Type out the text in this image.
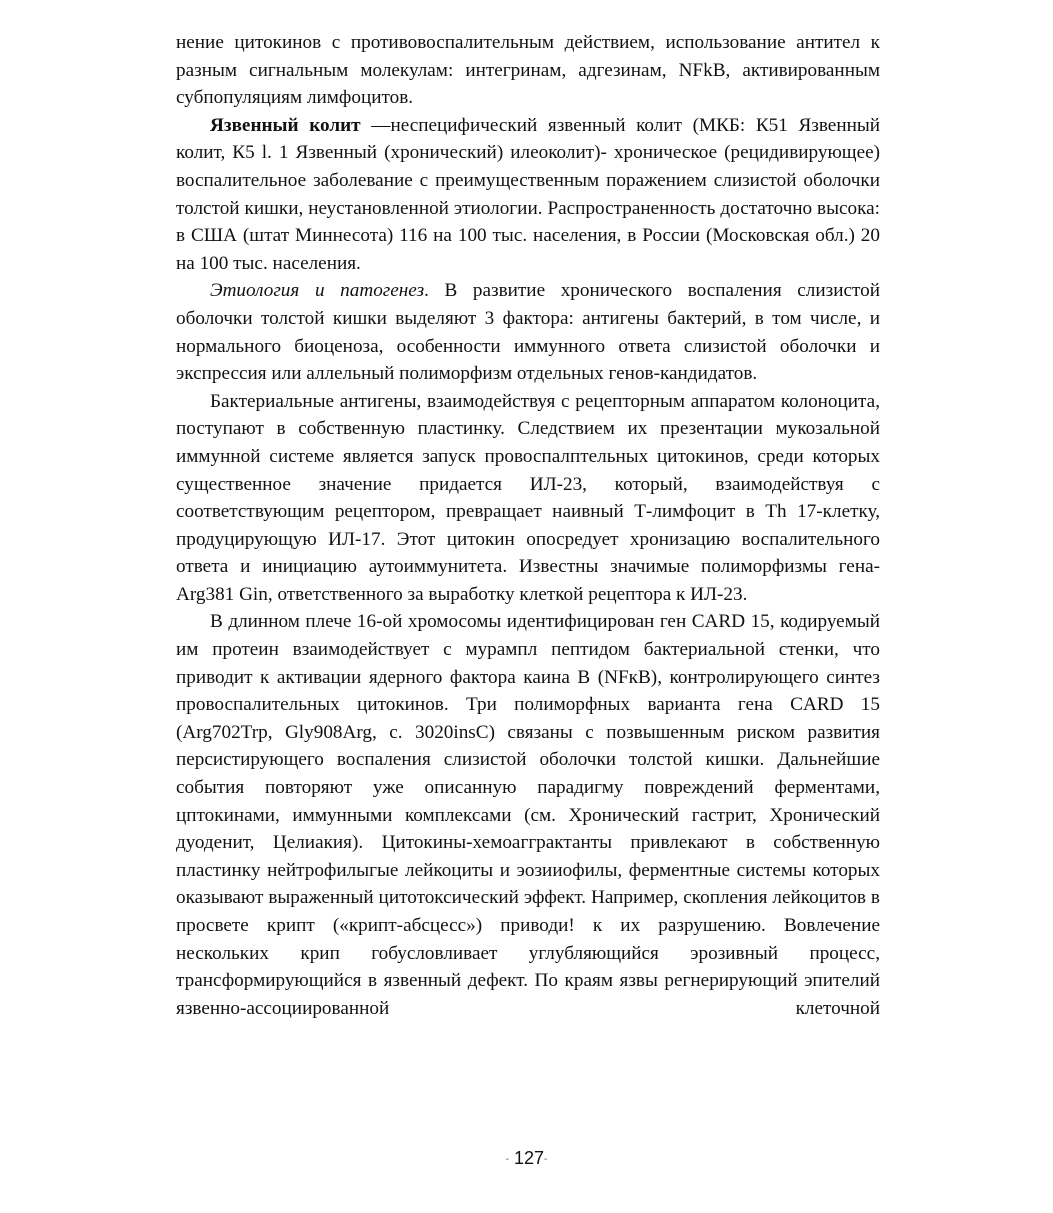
нение цитокинов с противовоспалительным действием, использование антител к разным сигнальным молекулам: интегринам, адгезинам, NFkB, активированным субпопуляциям лимфоцитов.

Язвенный колит —неспецифический язвенный колит (МКБ: К51 Язвенный колит, К5 l. 1 Язвенный (хронический) илеоколит)- хроническое (рецидивирующее) воспалительное заболевание с преимущественным поражением слизистой оболочки толстой кишки, неустановленной этиологии. Распространенность достаточно высока: в США (штат Миннесота) 116 на 100 тыс. населения, в России (Московская обл.) 20 на 100 тыс. населения.

Этиология и патогенез. В развитие хронического воспаления слизистой оболочки толстой кишки выделяют 3 фактора: антигены бактерий, в том числе, и нормального биоценоза, особенности иммунного ответа слизистой оболочки и экспрессия или аллельный полиморфизм отдельных генов-кандидатов.

Бактериальные антигены, взаимодействуя с рецепторным аппаратом колоноцита, поступают в собственную пластинку. Следствием их презентации мукозальной иммунной системе является запуск провоспалптельных цитокинов, среди которых существенное значение придается ИЛ-23, который, взаимодействуя с соответствующим рецептором, превращает наивный Т-лимфоцит в Th 17-клетку, продуцирующую ИЛ-17. Этот цитокин опосредует хронизацию воспалительного ответа и инициацию аутоиммунитета. Известны значимые полиморфизмы гена- Arg381 Gin, ответственного за выработку клеткой рецептора к ИЛ-23.

В длинном плече 16-ой хромосомы идентифицирован ген CARD 15, кодируемый им протеин взаимодействует с мурампл пептидом бактериальной стенки, что приводит к активации ядерного фактора каина В (NFкB), контролирующего синтез провоспалительных цитокинов. Три полиморфных варианта гена CARD 15 (Arg702Trp, Gly908Arg, с. 3020insC) связаны с позвышенным риском развития персистирующего воспаления слизистой оболочки толстой кишки. Дальнейшие события повторяют уже описанную парадигму повреждений ферментами, цптокинами, иммунными комплексами (см. Хронический гастрит, Хронический дуоденит, Целиакия). Цитокины-хемоаггрaктанты привлекают в собственную пластинку нейтрофилыгые лейкоциты и эозииофилы, ферментные системы которых оказывают выраженный цитотоксический эффект. Например, скопления лейкоцитов в просвете крипт («крипт-абсцесс») приводи! к их разрушению. Вовлечение нескольких крип гобусловливает углубляющийся эрозивный процесс, трансформирующийся в язвенный дефект. По краям язвы регнерирующий эпителий язвенно-ассоциированной клеточной

- 127-
